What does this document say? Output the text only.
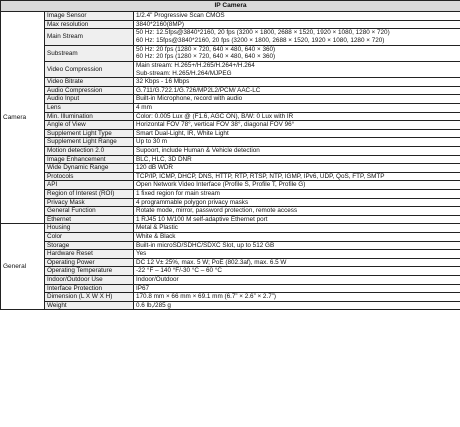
IP Camera		
Camera	Image Sensor	1/2.4" Progressive Scan CMOS

	Max resolution	3840*2160(8MP)

	Main Stream	50 Hz: 12.5fps@3840*2160, 20 fps (3200 × 1800, 2688 × 1520, 1920 × 1080, 1280 × 720)

60 Hz: 15fps@3840*2160, 20 fps (3200 × 1800, 2688 × 1520, 1920 × 1080, 1280 × 720)

	Substream	50 Hz: 20 fps (1280 × 720, 640 × 480, 640 × 360)
60 Hz: 20 fps (1280 × 720, 640 × 480, 640 × 360)

	Video Compression	Main stream: H.265+/H.265/H.264+/H.264
Sub-stream: H.265/H.264/MJPEG

	Video Bitrate	32 Kbps - 16 Mbps

	Audio Compression	G.711/G.722.1/G.726/MP2L2/PCM/ AAC-LC

	Audio Input	Built-in Microphone, record with audio

	Lens	4 mm

	Min. Illumination	Color: 0.005 Lux @ (F1.6, AGC ON), B/W: 0 Lux with IR

	Angle of View	Horizontal FOV 78°, vertical FOV 38°, diagonal FOV 96°

	Supplement Light Type	Smart Dual-Light, IR, White Light

	Supplement Light Range	Up to 30 m

	Motion detection 2.0	Supoort, include Human & Vehicle detection

	Image Enhancement	BLC, HLC, 3D DNR

	Wide Dynamic Range	120 dB WDR

	Protocols	TCP/IP, ICMP, DHCP, DNS, HTTP, RTP, RTSP, NTP, IGMP, IPv6, UDP, QoS, FTP, SMTP

	API	Open Network Video Interface (Profile S, Profile T, Profile G)

	Region of Interest (ROI)	1 fixed region for main stream

	Privacy Mask	4 programmable polygon privacy masks

	General Function	Rotate mode, mirror, password protection, remote access

	Ethernet	1 RJ45 10 M/100 M self-adaptive Ethernet port

General	Housing	Metal & Plastic

	Color	White & Black

	Storage	Built-in microSD/SDHC/SDXC Slot, up to 512 GB

	Hardware Reset	Yes

	Operating Power	DC 12 V± 25%, max. 5 W; PoE (802.3af), max. 6.5 W

	Operating Temperature	-22 °F – 140 °F/-30 °C – 60 °C

	Indoor/Outdoor Use	Indoor/Outdoor

	Interface Protection	IP67

	Dimension (L X W X H)	170.8 mm × 66 mm × 69.1 mm (6.7” × 2.6” × 2.7”)

	Weight	0.6 lb,/285 g
